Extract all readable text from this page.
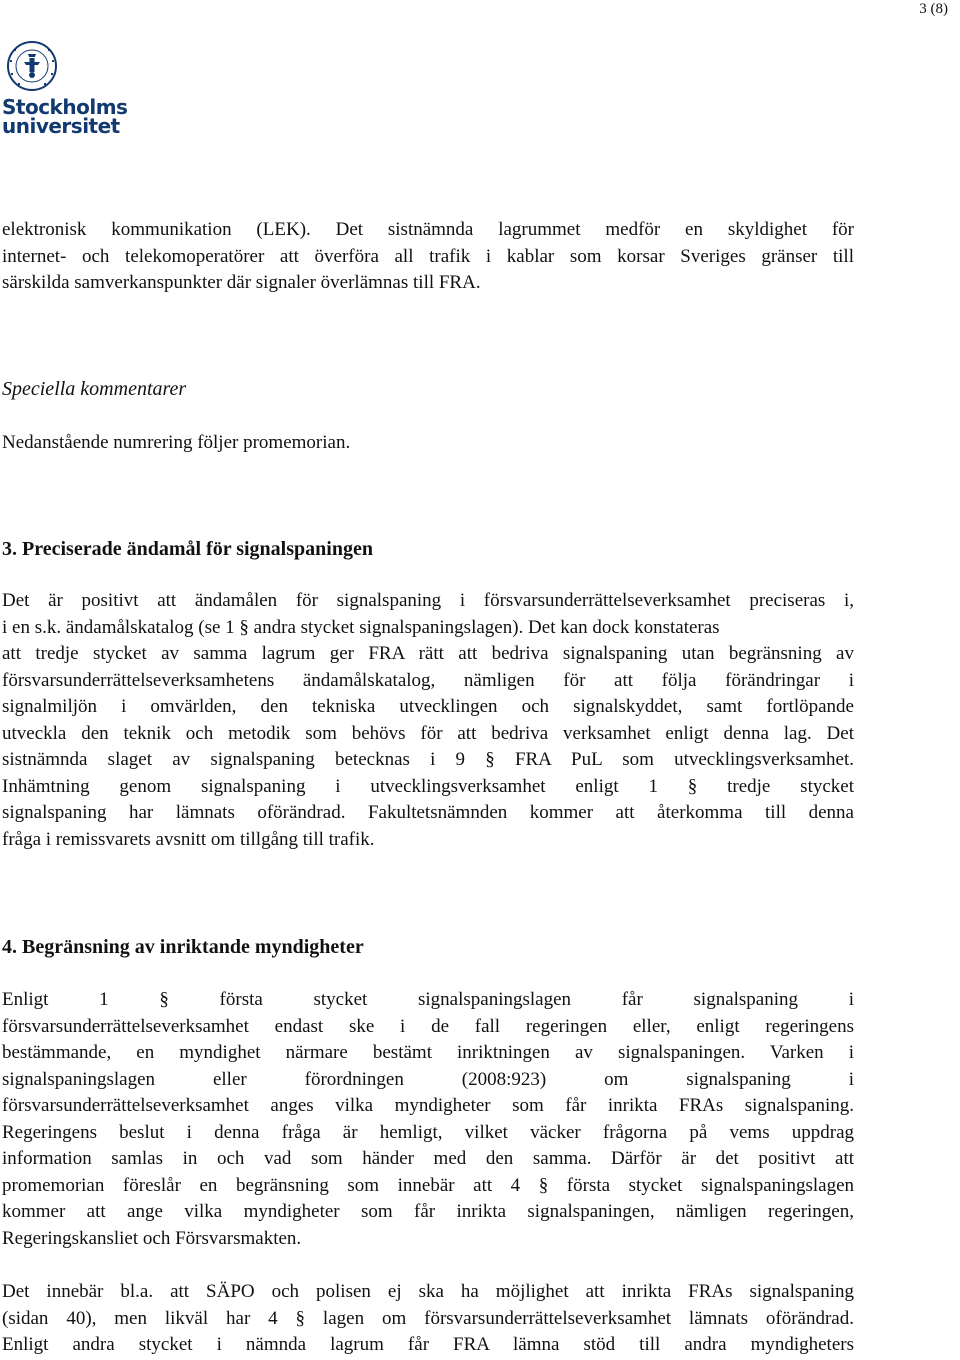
3 (8)
Stockholms
universitet
elektronisk kommunikation (LEK). Det sistnämnda lagrummet medför en skyldighet för
internet- och telekomoperatörer att överföra all trafik i kablar som korsar Sveriges gränser till
särskilda samverkanspunkter där signaler överlämnas till FRA.
Speciella kommentarer
Nedanstående numrering följer promemorian.
3. Preciserade ändamål för signalspaningen
Det är positivt att ändamålen för signalspaning i försvarsunderrättelseverksamhet preciseras i,
i en s.k. ändamålskatalog (se 1 § andra stycket signalspaningslagen). Det kan dock konstateras
att tredje stycket av samma lagrum ger FRA rätt att bedriva signalspaning utan begränsning av
försvarsunderrättelseverksamhetens ändamålskatalog, nämligen för att följa förändringar i
signalmiljön i omvärlden, den tekniska utvecklingen och signalskyddet, samt fortlöpande
utveckla den teknik och metodik som behövs för att bedriva verksamhet enligt denna lag. Det
sistnämnda slaget av signalspaning betecknas i 9 § FRA PuL som utvecklingsverksamhet.
Inhämtning genom signalspaning i utvecklingsverksamhet enligt 1 § tredje stycket
signalspaning har lämnats oförändrad. Fakultetsnämnden kommer att återkomma till denna
fråga i remissvarets avsnitt om tillgång till trafik.
4. Begränsning av inriktande myndigheter
Enligt 1 § första stycket signalspaningslagen får signalspaning i
försvarsunderrättelseverksamhet endast ske i de fall regeringen eller, enligt regeringens
bestämmande, en myndighet närmare bestämt inriktningen av signalspaningen. Varken i
signalspaningslagen eller förordningen (2008:923) om signalspaning i
försvarsunderrättelseverksamhet anges vilka myndigheter som får inrikta FRAs signalspaning.
Regeringens beslut i denna fråga är hemligt, vilket väcker frågorna på vems uppdrag
information samlas in och vad som händer med den samma. Därför är det positivt att
promemorian föreslår en begränsning som innebär att 4 § första stycket signalspaningslagen
kommer att ange vilka myndigheter som får inrikta signalspaningen, nämligen regeringen,
Regeringskansliet och Försvarsmakten.
Det innebär bl.a. att SÄPO och polisen ej ska ha möjlighet att inrikta FRAs signalspaning
(sidan 40), men likväl har 4 § lagen om försvarsunderrättelseverksamhet lämnats oförändrad.
Enligt andra stycket i nämnda lagrum får FRA lämna stöd till andra myndigheters
